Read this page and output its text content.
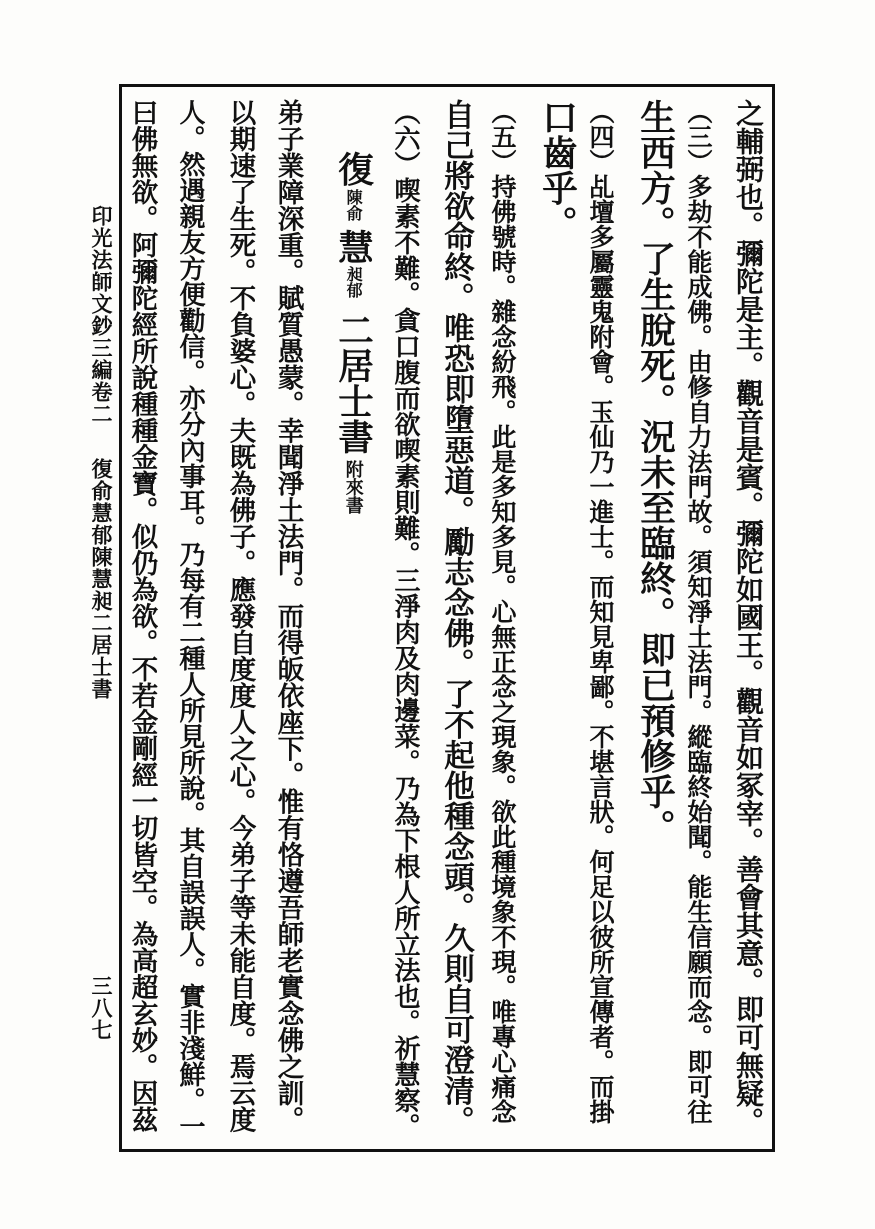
印光法師文鈔三編卷二
復俞慧郁陳慧昶二居士書
三八七	之輔弼也。彌陀是主。觀音是賓。彌陀如國王。觀音如冢宰。善會其意。即可無疑。
（三）多劫不能成佛。由修自力法門故。須知淨土法門。縱臨終始聞。能生信願而念。即可往
生西方。了生脫死。況未至臨終。即已預修乎。
（四）乩壇多屬靈鬼附會。玉仙乃一進士。而知見卑鄙。不堪言狀。何足以彼所宣傳者。而掛
口齒乎。
（五）持佛號時。雜念紛飛。此是多知多見。心無正念之現象。欲此種境象不現。唯專心痛念
自己將欲命終。唯恐即墮惡道。勵志念佛。了不起他種念頭。久則自可澄清。
（六）喫素不難。貪口腹而欲喫素則難。三淨肉及肉邊菜。乃為下根人所立法也。祈慧察。
復
陳俞
慧
昶郁
二居士書
附來書
弟子業障深重。賦質愚蒙。幸聞淨土法門。而得皈依座下。惟有恪遵吾師老實念佛之訓。
以期速了生死。不負婆心。夫既為佛子。應發自度度人之心。今弟子等未能自度。焉云度
人。然遇親友方便勸信。亦分內事耳。乃每有二種人所見所說。其自誤誤人。實非淺鮮。一
曰佛無欲。阿彌陀經所說種種金寶。似仍為欲。不若金剛經一切皆空。為高超玄妙。因茲
